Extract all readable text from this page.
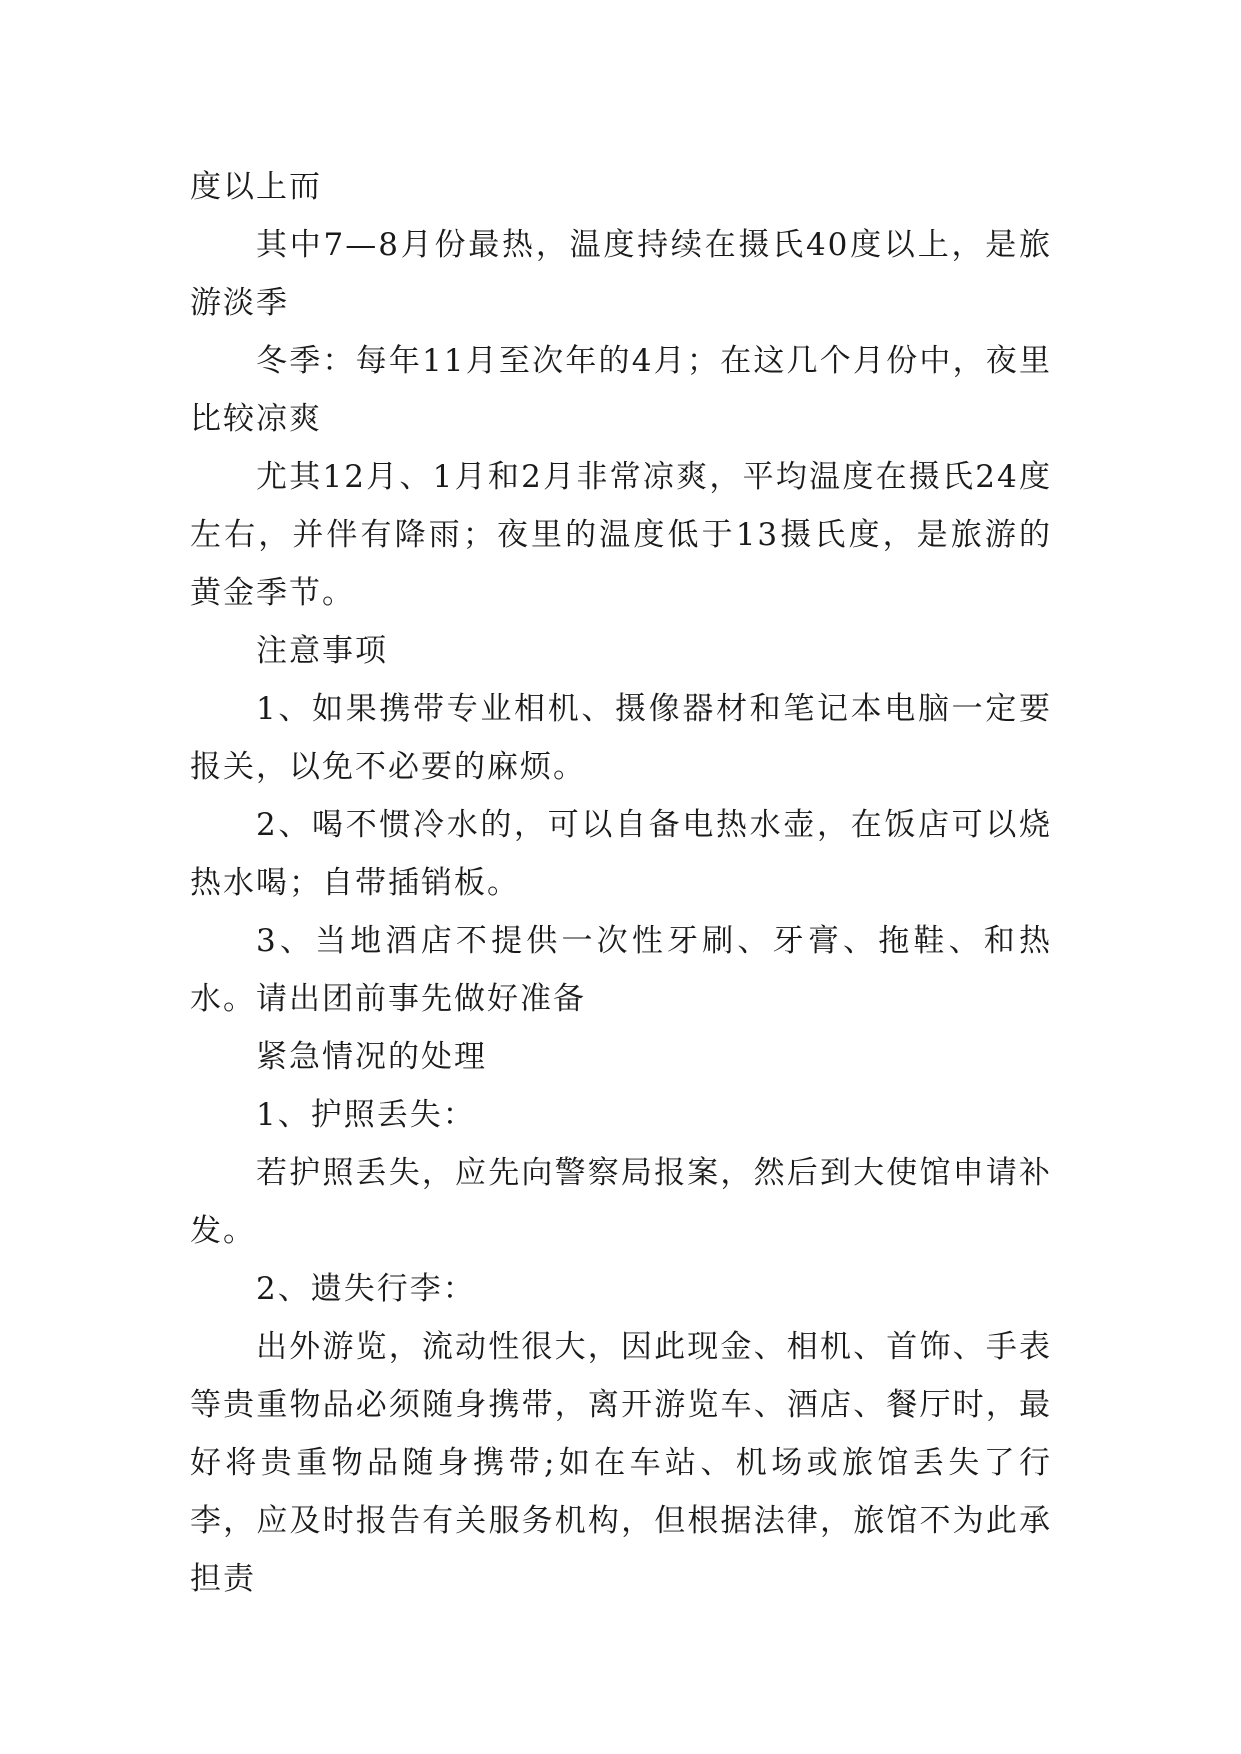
度以上而

其中7—8月份最热，温度持续在摄氏40度以上，是旅游淡季

冬季：每年11月至次年的4月；在这几个月份中，夜里比较凉爽

尤其12月、1月和2月非常凉爽，平均温度在摄氏24度左右，并伴有降雨；夜里的温度低于13摄氏度，是旅游的黄金季节。

注意事项

1、如果携带专业相机、摄像器材和笔记本电脑一定要报关，以免不必要的麻烦。

2、喝不惯冷水的，可以自备电热水壶，在饭店可以烧热水喝；自带插销板。

3、当地酒店不提供一次性牙刷、牙膏、拖鞋、和热水。请出团前事先做好准备

紧急情况的处理

1、护照丢失：

若护照丢失，应先向警察局报案，然后到大使馆申请补发。

2、遗失行李：

出外游览，流动性很大，因此现金、相机、首饰、手表等贵重物品必须随身携带，离开游览车、酒店、餐厅时，最好将贵重物品随身携带;如在车站、机场或旅馆丢失了行李，应及时报告有关服务机构，但根据法律，旅馆不为此承担责
